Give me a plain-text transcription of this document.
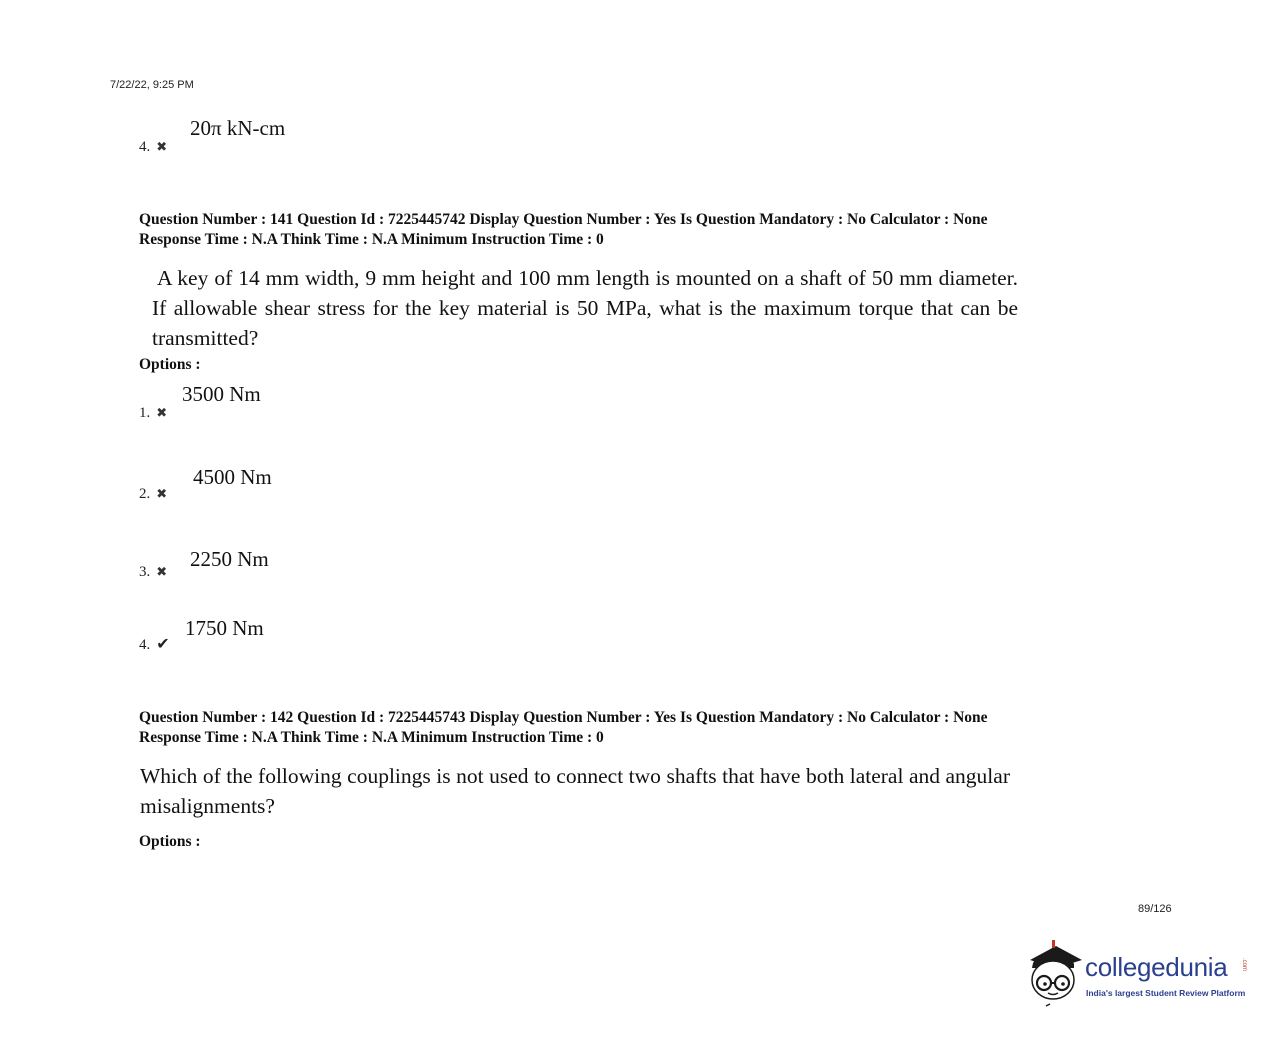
7/22/22, 9:25 PM
20π kN-cm
4. ✖
Question Number : 141 Question Id : 7225445742 Display Question Number : Yes Is Question Mandatory : No Calculator : None
Response Time : N.A Think Time : N.A Minimum Instruction Time : 0
A key of 14 mm width, 9 mm height and 100 mm length is mounted on a shaft of 50 mm diameter. If allowable shear stress for the key material is 50 MPa, what is the maximum torque that can be transmitted?
Options :
3500 Nm
1. ✖
4500 Nm
2. ✖
2250 Nm
3. ✖
1750 Nm
4. ✔
Question Number : 142 Question Id : 7225445743 Display Question Number : Yes Is Question Mandatory : No Calculator : None
Response Time : N.A Think Time : N.A Minimum Instruction Time : 0
Which of the following couplings is not used to connect two shafts that have both lateral and angular misalignments?
Options :
89/126
collegedunia .com
India's largest Student Review Platform
